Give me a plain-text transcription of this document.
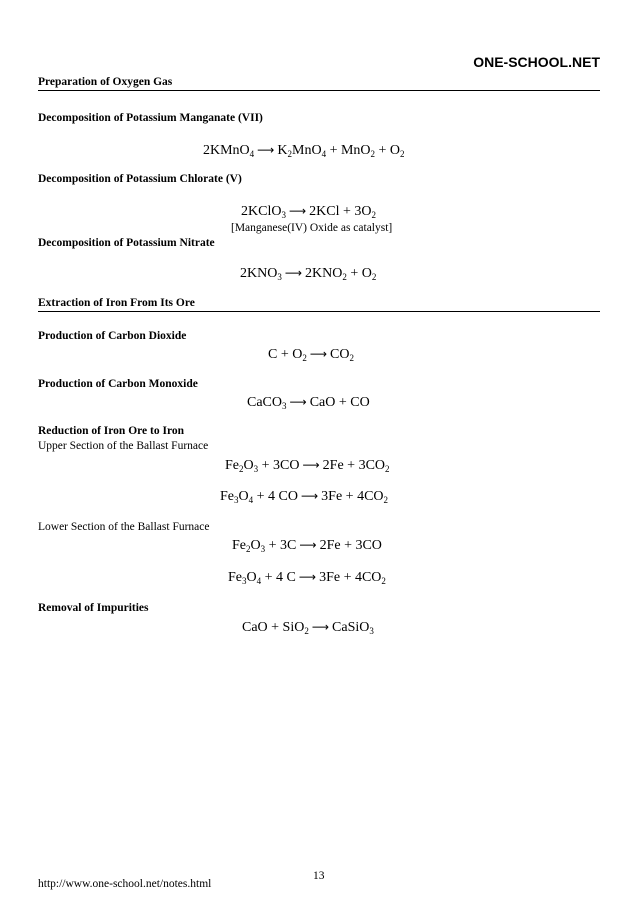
ONE-SCHOOL.NET
Preparation of Oxygen Gas
Decomposition of Potassium Manganate (VII)
2KMnO$_4$ ⟶ $K_2MnO_4 + MnO_2 + O_2$
Decomposition of Potassium Chlorate (V)
2KClO$_3$ ⟶ $2KCl + 3O_2$
[Manganese(IV) Oxide as catalyst]
Decomposition of Potassium Nitrate
$2KNO_3$ ⟶ $2KNO_2 + O_2$
Extraction of Iron From Its Ore
Production of Carbon Dioxide
$C + O_2$ ⟶ $CO_2$
Production of Carbon Monoxide
CaCO$_3$ ⟶ CaO + CO
Reduction of Iron Ore to Iron
Upper Section of the Ballast Furnace
$Fe_2O_3 + 3CO$ ⟶ $2Fe + 3CO_2$
$Fe_3O_4 + 4$ CO ⟶ $3Fe + 4CO_2$
Lower Section of the Ballast Furnace
$Fe_2O_3 + 3C$ ⟶ 2Fe + 3CO
$Fe_3O_4 + 4$ C ⟶ $3Fe + 4CO_2$
Removal of Impurities
CaO + SiO$_2$ ⟶ CaSiO$_3$
http://www.one-school.net/notes.html
13
